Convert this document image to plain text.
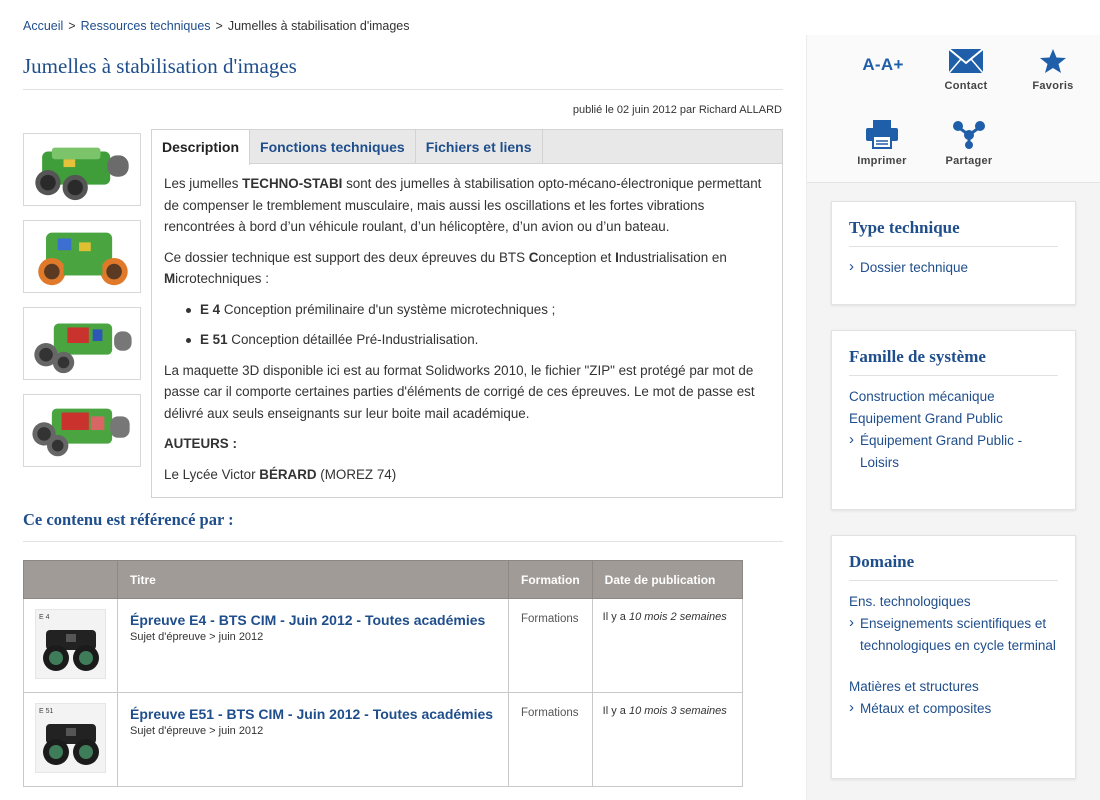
Accueil > Ressources techniques > Jumelles à stabilisation d'images
Jumelles à stabilisation d'images
publié le 02 juin 2012 par Richard ALLARD
Description	Fonctions techniques	Fichiers et liens

Les jumelles TECHNO-STABI sont des jumelles à stabilisation opto-mécano-électronique permettant de compenser le tremblement musculaire, mais aussi les oscillations et les fortes vibrations rencontrées à bord d’un véhicule roulant, d’un hélicoptère, d’un avion ou d’un bateau.

Ce dossier technique est support des deux épreuves du BTS Conception et Industrialisation en Microtechniques :

E 4 Conception prémilinaire d'un système microtechniques ;
E 51 Conception détaillée Pré-Industrialisation.

La maquette 3D disponible ici est au format Solidworks 2010, le fichier "ZIP" est protégé par mot de passe car il comporte certaines parties d'éléments de corrigé de ces épreuves. Le mot de passe est délivré aux seuls enseignants sur leur boite mail académique.

AUTEURS :

Le Lycée Victor BÉRARD (MOREZ 74)

Ce contenu est référencé par :
	Titre	Formation	Date de publication

E 4	Épreuve E4 - BTS CIM - Juin 2012 - Toutes académies
Sujet d'épreuve > juin 2012	Formations	Il y a 10 mois 2 semaines

E 51	Épreuve E51 - BTS CIM - Juin 2012 - Toutes académies
Sujet d'épreuve > juin 2012	Formations	Il y a 10 mois 3 semaines
A-A+
Contact	Favoris
Imprimer	Partager
Type technique
› Dossier technique
Famille de système
Construction mécanique
Equipement Grand Public
› Équipement Grand Public - Loisirs
Domaine
Ens. technologiques
› Enseignements scientifiques et technologiques en cycle terminal
Matières et structures
› Métaux et composites
